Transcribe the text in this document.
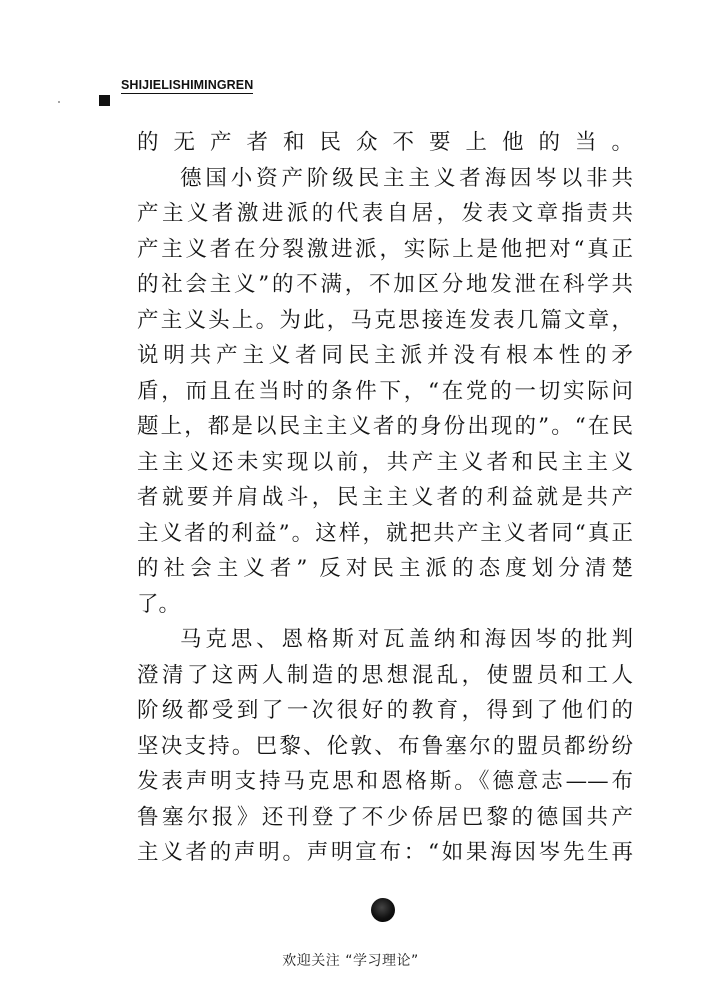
SHIJIELISHIMINGREN
的无产者和民众不要上他的当。
德国小资产阶级民主主义者海因岑以非共
产主义者激进派的代表自居，发表文章指责共
产主义者在分裂激进派，实际上是他把对“真正
的社会主义”的不满，不加区分地发泄在科学共
产主义头上。为此，马克思接连发表几篇文章，
说明共产主义者同民主派并没有根本性的矛
盾，而且在当时的条件下，“在党的一切实际问
题上，都是以民主主义者的身份出现的”。“在民
主主义还未实现以前，共产主义者和民主主义
者就要并肩战斗，民主主义者的利益就是共产
主义者的利益”。这样，就把共产主义者同“真正
的社会主义者” 反对民主派的态度划分清楚
了。
马克思、恩格斯对瓦盖纳和海因岑的批判
澄清了这两人制造的思想混乱，使盟员和工人
阶级都受到了一次很好的教育，得到了他们的
坚决支持。巴黎、伦敦、布鲁塞尔的盟员都纷纷
发表声明支持马克思和恩格斯。《德意志——布
鲁塞尔报》还刊登了不少侨居巴黎的德国共产
主义者的声明。声明宣布：“如果海因岑先生再
欢迎关注 “学习理论”
